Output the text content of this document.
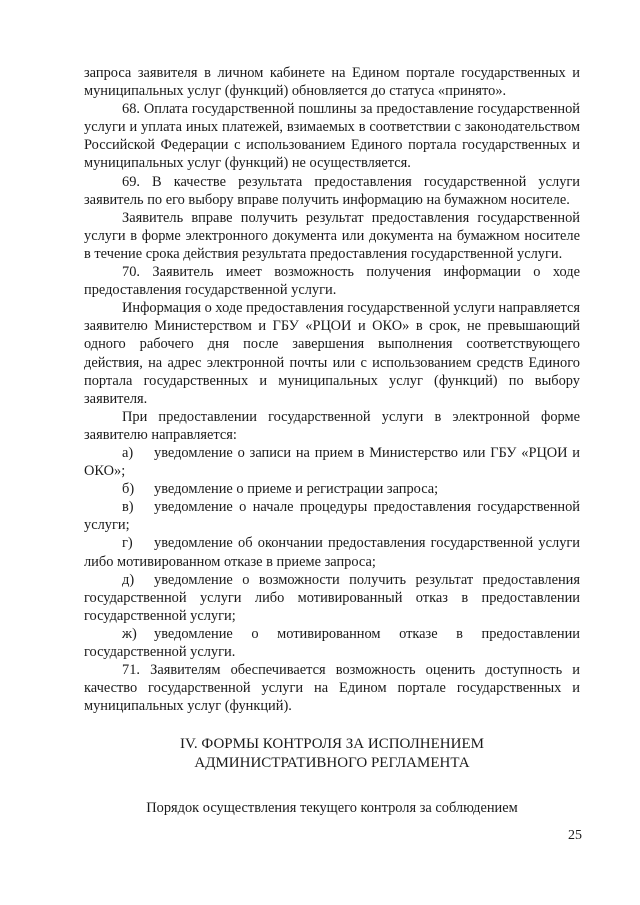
запроса заявителя в личном кабинете на Едином портале государственных и муниципальных услуг (функций) обновляется до статуса «принято».

68. Оплата государственной пошлины за предоставление государственной услуги и уплата иных платежей, взимаемых в соответствии с законодательством Российской Федерации с использованием Единого портала государственных и муниципальных услуг (функций) не осуществляется.

69. В качестве результата предоставления государственной услуги заявитель по его выбору вправе получить информацию на бумажном носителе.

Заявитель вправе получить результат предоставления государственной услуги в форме электронного документа или документа на бумажном носителе в течение срока действия результата предоставления государственной услуги.

70. Заявитель имеет возможность получения информации о ходе предоставления государственной услуги.

Информация о ходе предоставления государственной услуги направляется заявителю Министерством и ГБУ «РЦОИ и ОКО» в срок, не превышающий одного рабочего дня после завершения выполнения соответствующего действия, на адрес электронной почты или с использованием средств Единого портала государственных и муниципальных услуг (функций) по выбору заявителя.

При предоставлении государственной услуги в электронной форме заявителю направляется:

а) уведомление о записи на прием в Министерство или ГБУ «РЦОИ и ОКО»;

б) уведомление о приеме и регистрации запроса;

в) уведомление о начале процедуры предоставления государственной услуги;

г) уведомление об окончании предоставления государственной услуги либо мотивированном отказе в приеме запроса;

д) уведомление о возможности получить результат предоставления государственной услуги либо мотивированный отказ в предоставлении государственной услуги;

ж) уведомление о мотивированном отказе в предоставлении государственной услуги.

71. Заявителям обеспечивается возможность оценить доступность и качество государственной услуги на Едином портале государственных и муниципальных услуг (функций).

IV. ФОРМЫ КОНТРОЛЯ ЗА ИСПОЛНЕНИЕМ
АДМИНИСТРАТИВНОГО РЕГЛАМЕНТА
Порядок осуществления текущего контроля за соблюдением
25
